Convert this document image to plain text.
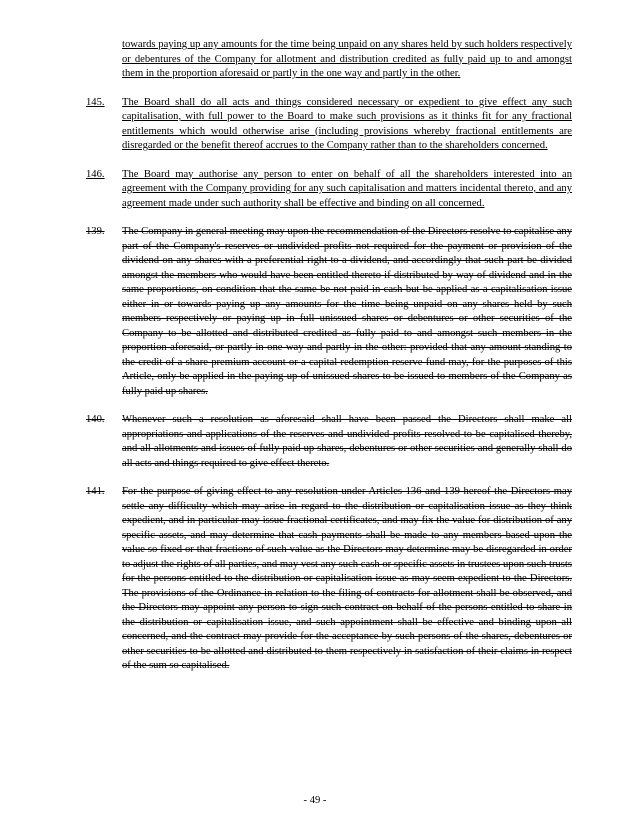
towards paying up any amounts for the time being unpaid on any shares held by such holders respectively or debentures of the Company for allotment and distribution credited as fully paid up to and amongst them in the proportion aforesaid or partly in the one way and partly in the other.
145.	The Board shall do all acts and things considered necessary or expedient to give effect any such capitalisation, with full power to the Board to make such provisions as it thinks fit for any fractional entitlements which would otherwise arise (including provisions whereby fractional entitlements are disregarded or the benefit thereof accrues to the Company rather than to the shareholders concerned.
146.	The Board may authorise any person to enter on behalf of all the shareholders interested into an agreement with the Company providing for any such capitalisation and matters incidental thereto, and any agreement made under such authority shall be effective and binding on all concerned.
139.	The Company in general meeting may upon the recommendation of the Directors resolve to capitalise any part of the Company's reserves or undivided profits not required for the payment or provision of the dividend on any shares with a preferential right to a dividend, and accordingly that such part be divided amongst the members who would have been entitled thereto if distributed by way of dividend and in the same proportions, on condition that the same be not paid in cash but be applied as a capitalisation issue either in or towards paying up any amounts for the time being unpaid on any shares held by such members respectively or paying up in full unissued shares or debentures or other securities of the Company to be allotted and distributed credited as fully paid to and amongst such members in the proportion aforesaid, or partly in one way and partly in the other: provided that any amount standing to the credit of a share premium account or a capital redemption reserve fund may, for the purposes of this Article, only be applied in the paying up of unissued shares to be issued to members of the Company as fully paid up shares.
140.	Whenever such a resolution as aforesaid shall have been passed the Directors shall make all appropriations and applications of the reserves and undivided profits resolved to be capitalised thereby, and all allotments and issues of fully paid up shares, debentures or other securities and generally shall do all acts and things required to give effect thereto.
141.	For the purpose of giving effect to any resolution under Articles 136 and 139 hereof the Directors may settle any difficulty which may arise in regard to the distribution or capitalisation issue as they think expedient, and in particular may issue fractional certificates, and may fix the value for distribution of any specific assets, and may determine that cash payments shall be made to any members based upon the value so fixed or that fractions of such value as the Directors may determine may be disregarded in order to adjust the rights of all parties, and may vest any such cash or specific assets in trustees upon such trusts for the persons entitled to the distribution or capitalisation issue as may seem expedient to the Directors. The provisions of the Ordinance in relation to the filing of contracts for allotment shall be observed, and the Directors may appoint any person to sign such contract on behalf of the persons entitled to share in the distribution or capitalisation issue, and such appointment shall be effective and binding upon all concerned, and the contract may provide for the acceptance by such persons of the shares, debentures or other securities to be allotted and distributed to them respectively in satisfaction of their claims in respect of the sum so capitalised.
- 49 -
